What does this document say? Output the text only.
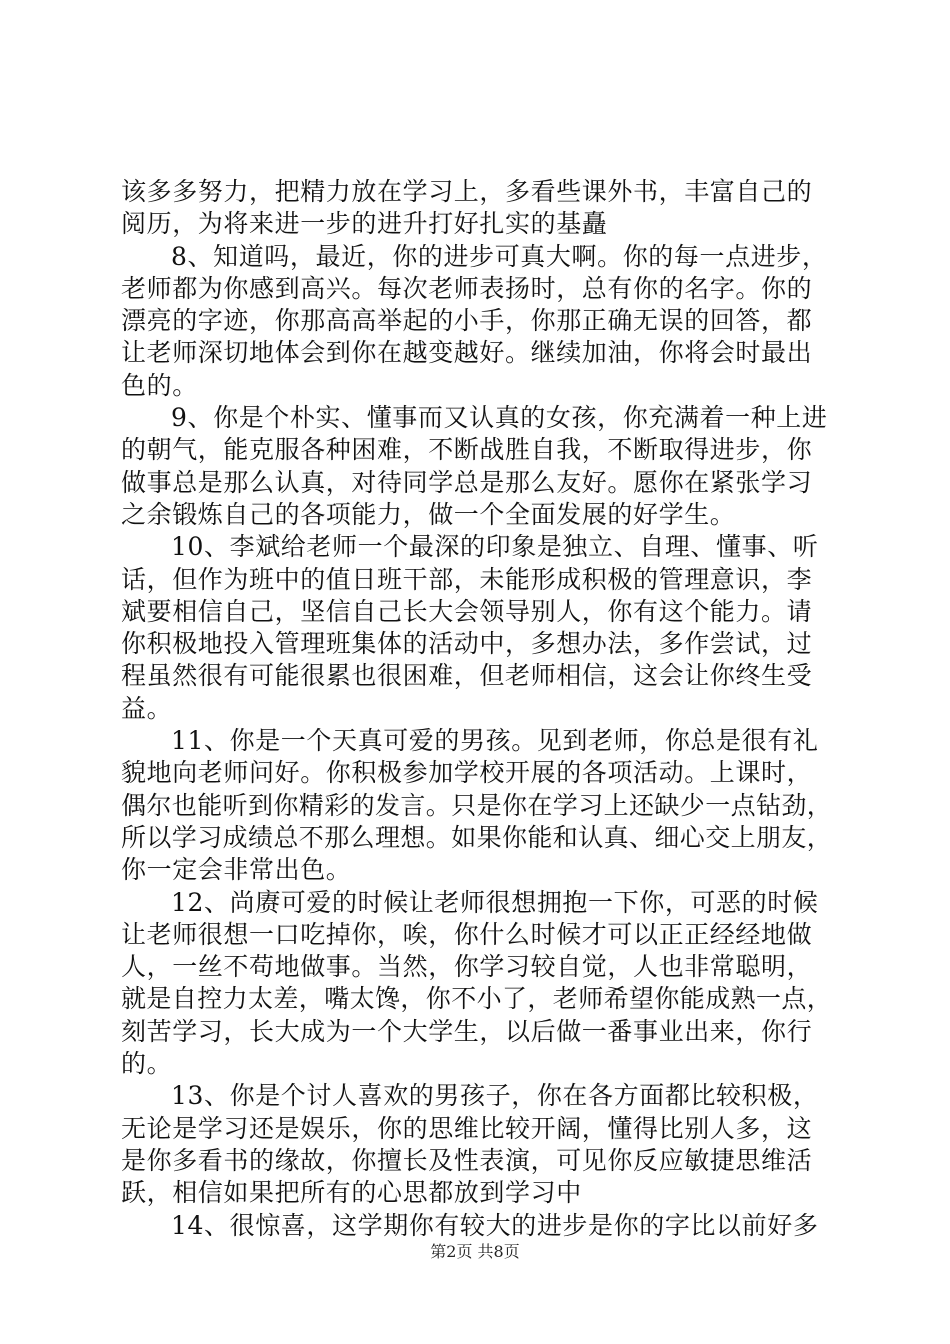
该多多努力，把精力放在学习上，多看些课外书，丰富自己的
阅历，为将来进一步的进升打好扎实的基矗
8、知道吗，最近，你的进步可真大啊。你的每一点进步，
老师都为你感到高兴。每次老师表扬时，总有你的名字。你的
漂亮的字迹，你那高高举起的小手，你那正确无误的回答，都
让老师深切地体会到你在越变越好。继续加油，你将会时最出
色的。
9、你是个朴实、懂事而又认真的女孩，你充满着一种上进
的朝气，能克服各种困难，不断战胜自我，不断取得进步，你
做事总是那么认真，对待同学总是那么友好。愿你在紧张学习
之余锻炼自己的各项能力，做一个全面发展的好学生。
10、李斌给老师一个最深的印象是独立、自理、懂事、听
话，但作为班中的值日班干部，未能形成积极的管理意识，李
斌要相信自己，坚信自己长大会领导别人，你有这个能力。请
你积极地投入管理班集体的活动中，多想办法，多作尝试，过
程虽然很有可能很累也很困难，但老师相信，这会让你终生受
益。
11、你是一个天真可爱的男孩。见到老师，你总是很有礼
貌地向老师问好。你积极参加学校开展的各项活动。上课时，
偶尔也能听到你精彩的发言。只是你在学习上还缺少一点钻劲，
所以学习成绩总不那么理想。如果你能和认真、细心交上朋友，
你一定会非常出色。
12、尚赓可爱的时候让老师很想拥抱一下你，可恶的时候
让老师很想一口吃掉你，唉，你什么时候才可以正正经经地做
人，一丝不苟地做事。当然，你学习较自觉，人也非常聪明，
就是自控力太差，嘴太馋，你不小了，老师希望你能成熟一点，
刻苦学习，长大成为一个大学生，以后做一番事业出来，你行
的。
13、你是个讨人喜欢的男孩子，你在各方面都比较积极，
无论是学习还是娱乐，你的思维比较开阔，懂得比别人多，这
是你多看书的缘故，你擅长及性表演，可见你反应敏捷思维活
跃，相信如果把所有的心思都放到学习中
14、很惊喜，这学期你有较大的进步是你的字比以前好多
第2页 共8页
